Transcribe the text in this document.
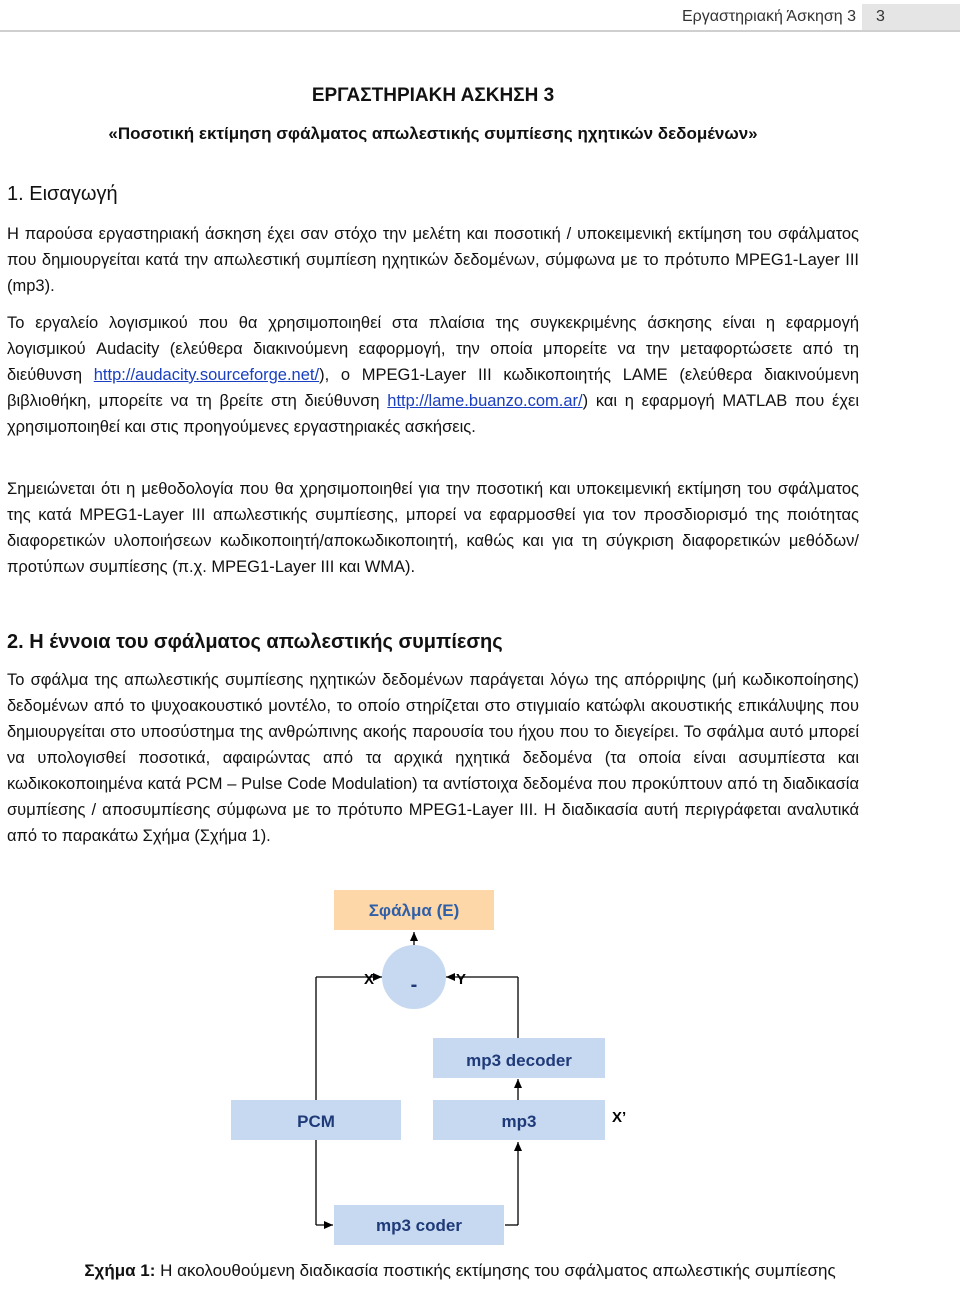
Εργαστηριακή Άσκηση 3	3
ΕΡΓΑΣΤΗΡΙΑΚΗ ΑΣΚΗΣΗ 3
«Ποσοτική εκτίμηση σφάλματος απωλεστικής συμπίεσης ηχητικών δεδομένων»
1. Εισαγωγή
Η παρούσα εργαστηριακή άσκηση έχει σαν στόχο την μελέτη και ποσοτική / υποκειμενική εκτίμηση του σφάλματος που δημιουργείται κατά την απωλεστική συμπίεση ηχητικών δεδομένων, σύμφωνα με το πρότυπο MPEG1-Layer III (mp3).
Το εργαλείο λογισμικού που θα χρησιμοποιηθεί στα πλαίσια της συγκεκριμένης άσκησης είναι η εφαρμογή λογισμικού Audacity (ελεύθερα διακινούμενη εαφορμογή, την οποία μπορείτε να την μεταφορτώσετε από τη διεύθυνση http://audacity.sourceforge.net/), ο MPEG1-Layer III κωδικοποιητής LAME (ελεύθερα διακινούμενη βιβλιοθήκη, μπορείτε να τη βρείτε στη διεύθυνση http://lame.buanzo.com.ar/) και η εφαρμογή MATLAB που έχει χρησιμοποιηθεί και στις προηγούμενες εργαστηριακές ασκήσεις.
Σημειώνεται ότι η μεθοδολογία που θα χρησιμοποιηθεί για την ποσοτική και υποκειμενική εκτίμηση του σφάλματος της κατά MPEG1-Layer III απωλεστικής συμπίεσης, μπορεί να εφαρμοσθεί για τον προσδιορισμό της ποιότητας διαφορετικών υλοποιήσεων κωδικοποιητή/αποκωδικοποιητή, καθώς και για τη σύγκριση διαφορετικών μεθόδων/προτύπων συμπίεσης (π.χ. MPEG1-Layer III και WMA).
2. Η έννοια του σφάλματος απωλεστικής συμπίεσης
Το σφάλμα της απωλεστικής συμπίεσης ηχητικών δεδομένων παράγεται λόγω της απόρριψης (μή κωδικοποίησης) δεδομένων από το ψυχοακουστικό μοντέλο, το οποίο στηρίζεται στο στιγμιαίο κατώφλι ακουστικής επικάλυψης που δημιουργείται στο υποσύστημα της ανθρώπινης ακοής παρουσία του ήχου που το διεγείρει. Το σφάλμα αυτό μπορεί να υπολογισθεί ποσοτικά, αφαιρώντας από τα αρχικά ηχητικά δεδομένα (τα οποία είναι ασυμπίεστα και κωδικοκοποιημένα κατά PCM – Pulse Code Modulation) τα αντίστοιχα δεδομένα που προκύπτουν από τη διαδικασία συμπίεσης / αποσυμπίεσης σύμφωνα με το πρότυπο MPEG1-Layer III. Η διαδικασία αυτή περιγράφεται αναλυτικά από το παρακάτω Σχήμα (Σχήμα 1).
Σφάλμα (E)
-
X	Y
mp3 decoder
PCM	mp3	X’
mp3 coder
Σχήμα 1: Η ακολουθούμενη διαδικασία ποστικής εκτίμησης του σφάλματος απωλεστικής συμπίεσης
